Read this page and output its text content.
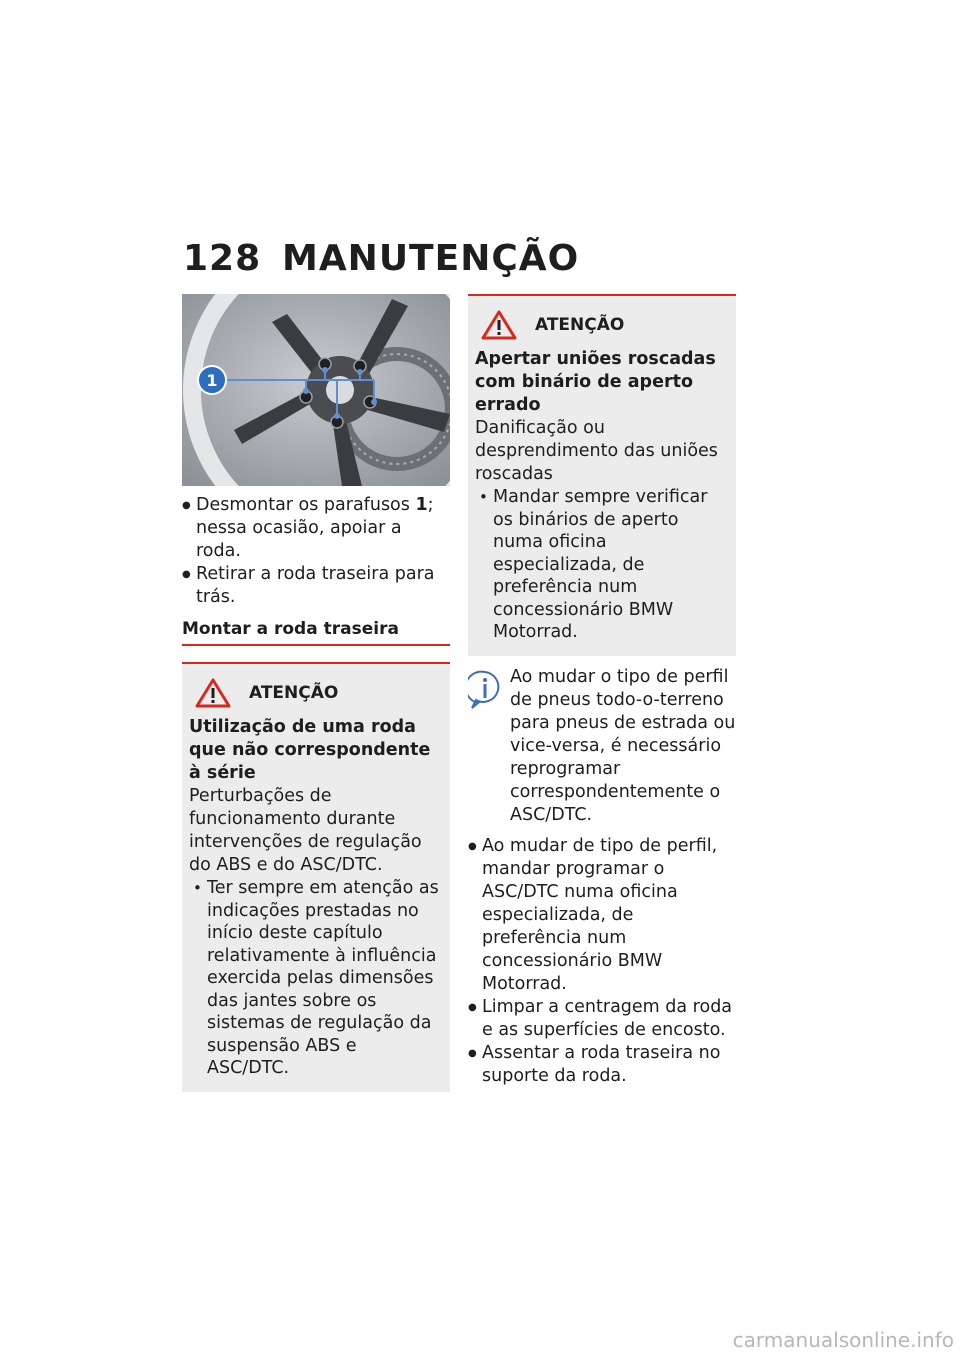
128 MANUTENÇÃO
1
● Desmontar os parafusos 1; nessa ocasião, apoiar a roda.
● Retirar a roda traseira para trás.
Montar a roda traseira
ATENÇÃO
Utilização de uma roda que não correspondente à série
Perturbações de funcionamento durante intervenções de regulação do ABS e do ASC/DTC.
• Ter sempre em atenção as indicações prestadas no início deste capítulo relativamente à influência exercida pelas dimensões das jantes sobre os sistemas de regulação da suspensão ABS e ASC/DTC.
ATENÇÃO
Apertar uniões roscadas com binário de aperto errado
Danificação ou desprendimento das uniões roscadas
• Mandar sempre verificar os binários de aperto numa oficina especializada, de preferência num concessionário BMW Motorrad.

Ao mudar o tipo de perfil de pneus todo-o-terreno para pneus de estrada ou vice-versa, é necessário reprogramar correspondentemente o ASC/DTC.

● Ao mudar de tipo de perfil, mandar programar o ASC/DTC numa oficina especializada, de preferência num concessionário BMW Motorrad.
● Limpar a centragem da roda e as superfícies de encosto.
● Assentar a roda traseira no suporte da roda.
carmanualsonline.info
